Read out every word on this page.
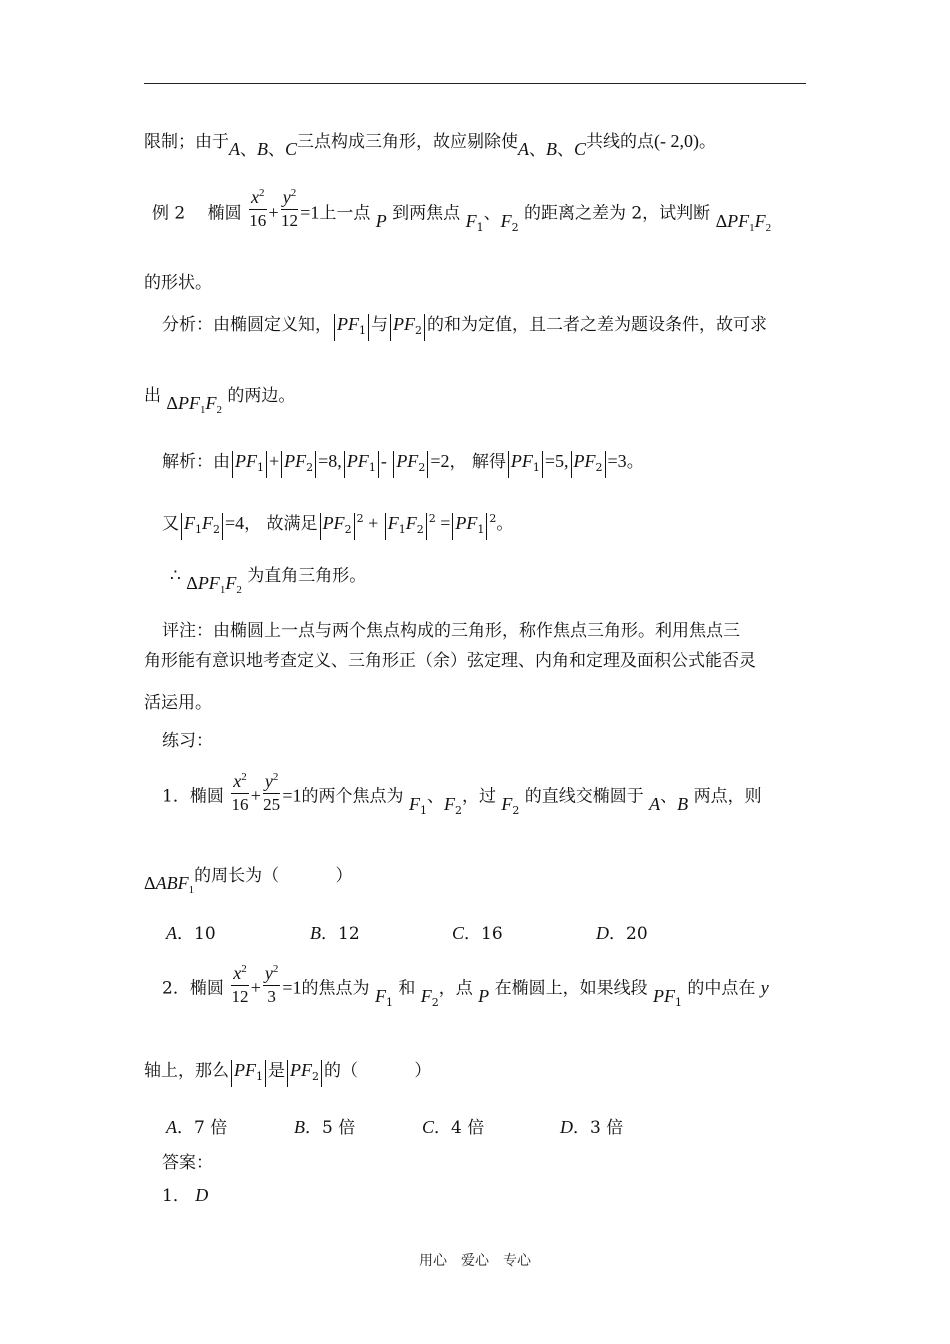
限制；由于A、B、C三点构成三角形，故应剔除使A、B、C共线的点(- 2,0)。
例 2　 椭圆 $\frac{x^2}{16} + \frac{y^2}{12} =1$上一点 P 到两焦点 $F_1$、$F_2$ 的距离之差为 2，试判断 $\Delta PF_1F_2$
的形状。
分析：由椭圆定义知， $PF_1$ 与 $PF_2$ 的和为定值，且二者之差为题设条件，故可求
出 $\Delta PF_1F_2$ 的两边。
解析：由 $PF_1 + PF_2 =8$, $PF_1 - PF_2 =2$， 解得 $PF_1 =5$, $PF_2 =3$。
又 $F_1F_2 =4$， 故满足 $PF_2^2 + F_1F_2^2 = PF_1^2$。
∴ $\Delta PF_1F_2$ 为直角三角形。
评注：由椭圆上一点与两个焦点构成的三角形，称作焦点三角形。利用焦点三
角形能有意识地考查定义、三角形正（余）弦定理、内角和定理及面积公式能否灵
活运用。
练习：
1．椭圆 $\frac{x^2}{16} + \frac{y^2}{25} =1$的两个焦点为 $F_1$、$F_2$，过 $F_2$ 的直线交椭圆于 A、B 两点，则
$\Delta ABF_1$的周长为（　　　 ）
A．10	B．12	C．16	D．20
2．椭圆 $\frac{x^2}{12} + \frac{y^2}{3} =1$的焦点为 $F_1$ 和 $F_2$，点 P 在椭圆上，如果线段 $PF_1$ 的中点在 y
轴上，那么 $PF_1$ 是 $PF_2$ 的（　　　 ）
A．7 倍	B．5 倍	C．4 倍	D．3 倍
答案：
1． D
用心　爱心　专心
